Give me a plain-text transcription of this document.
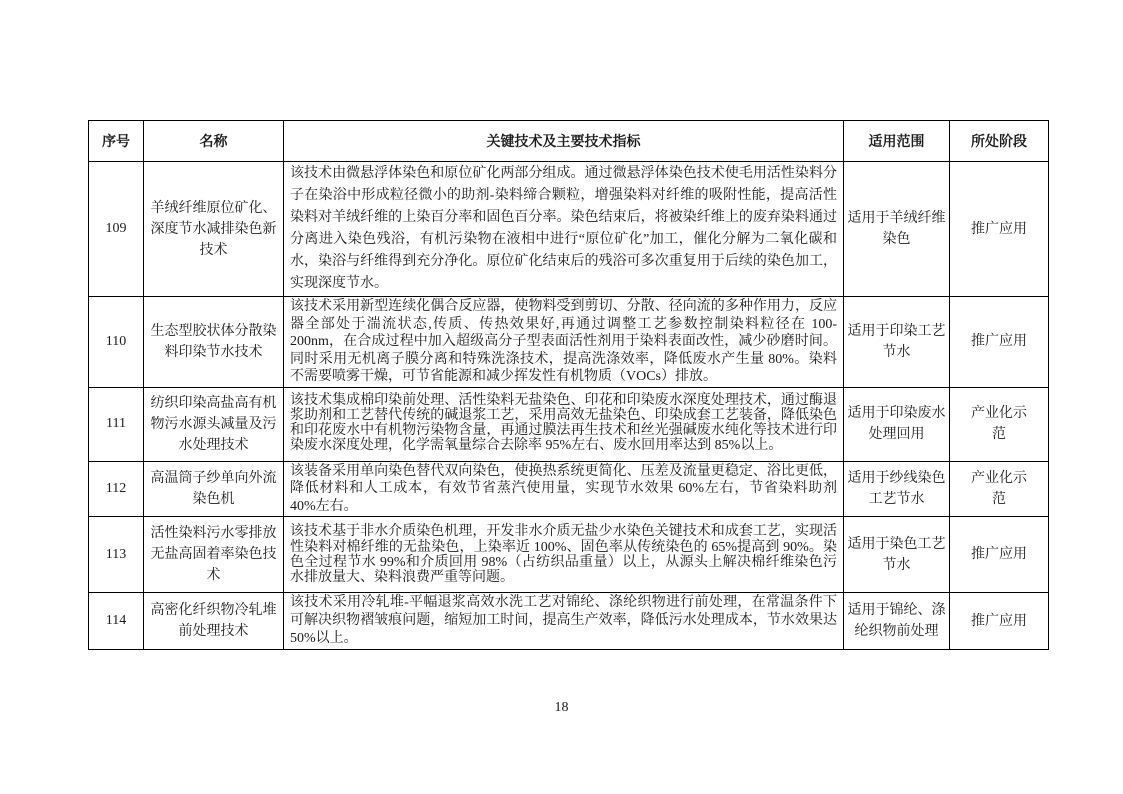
序号	名称	关键技术及主要技术指标	适用范围	所处阶段
109	羊绒纤维原位矿化、深度节水减排染色新技术	该技术由微悬浮体染色和原位矿化两部分组成。通过微悬浮体染色技术使毛用活性染料分子在染浴中形成粒径微小的助剂-染料缔合颗粒，增强染料对纤维的吸附性能，提高活性染料对羊绒纤维的上染百分率和固色百分率。染色结束后，将被染纤维上的废弃染料通过分离进入染色残浴，有机污染物在液相中进行“原位矿化”加工，催化分解为二氧化碳和水，染浴与纤维得到充分净化。原位矿化结束后的残浴可多次重复用于后续的染色加工，实现深度节水。	适用于羊绒纤维染色	推广应用
110	生态型胶状体分散染料印染节水技术	该技术采用新型连续化偶合反应器，使物料受到剪切、分散、径向流的多种作用力，反应器全部处于湍流状态,传质、传热效果好,再通过调整工艺参数控制染料粒径在 100-200nm，在合成过程中加入超级高分子型表面活性剂用于染料表面改性，减少砂磨时间。同时采用无机离子膜分离和特殊洗涤技术，提高洗涤效率，降低废水产生量 80%。染料不需要喷雾干燥，可节省能源和减少挥发性有机物质（VOCs）排放。	适用于印染工艺节水	推广应用
111	纺织印染高盐高有机物污水源头减量及污水处理技术	该技术集成棉印染前处理、活性染料无盐染色、印花和印染废水深度处理技术，通过酶退浆助剂和工艺替代传统的碱退浆工艺，采用高效无盐染色、印染成套工艺装备，降低染色和印花废水中有机物污染物含量，再通过膜法再生技术和丝光强碱废水纯化等技术进行印染废水深度处理，化学需氧量综合去除率 95%左右、废水回用率达到 85%以上。	适用于印染废水处理回用	产业化示范
112	高温筒子纱单向外流染色机	该装备采用单向染色替代双向染色，使换热系统更简化、压差及流量更稳定、浴比更低，降低材料和人工成本，有效节省蒸汽使用量，实现节水效果 60%左右，节省染料助剂 40%左右。	适用于纱线染色工艺节水	产业化示范
113	活性染料污水零排放无盐高固着率染色技术	该技术基于非水介质染色机理，开发非水介质无盐少水染色关键技术和成套工艺，实现活性染料对棉纤维的无盐染色，上染率近 100%、固色率从传统染色的 65%提高到 90%。染色全过程节水 99%和介质回用 98%（占纺织品重量）以上，从源头上解决棉纤维染色污水排放量大、染料浪费严重等问题。	适用于染色工艺节水	推广应用
114	高密化纤织物冷轧堆前处理技术	该技术采用冷轧堆-平幅退浆高效水洗工艺对锦纶、涤纶织物进行前处理，在常温条件下可解决织物褶皱痕问题，缩短加工时间，提高生产效率，降低污水处理成本，节水效果达 50%以上。	适用于锦纶、涤纶织物前处理	推广应用
18
